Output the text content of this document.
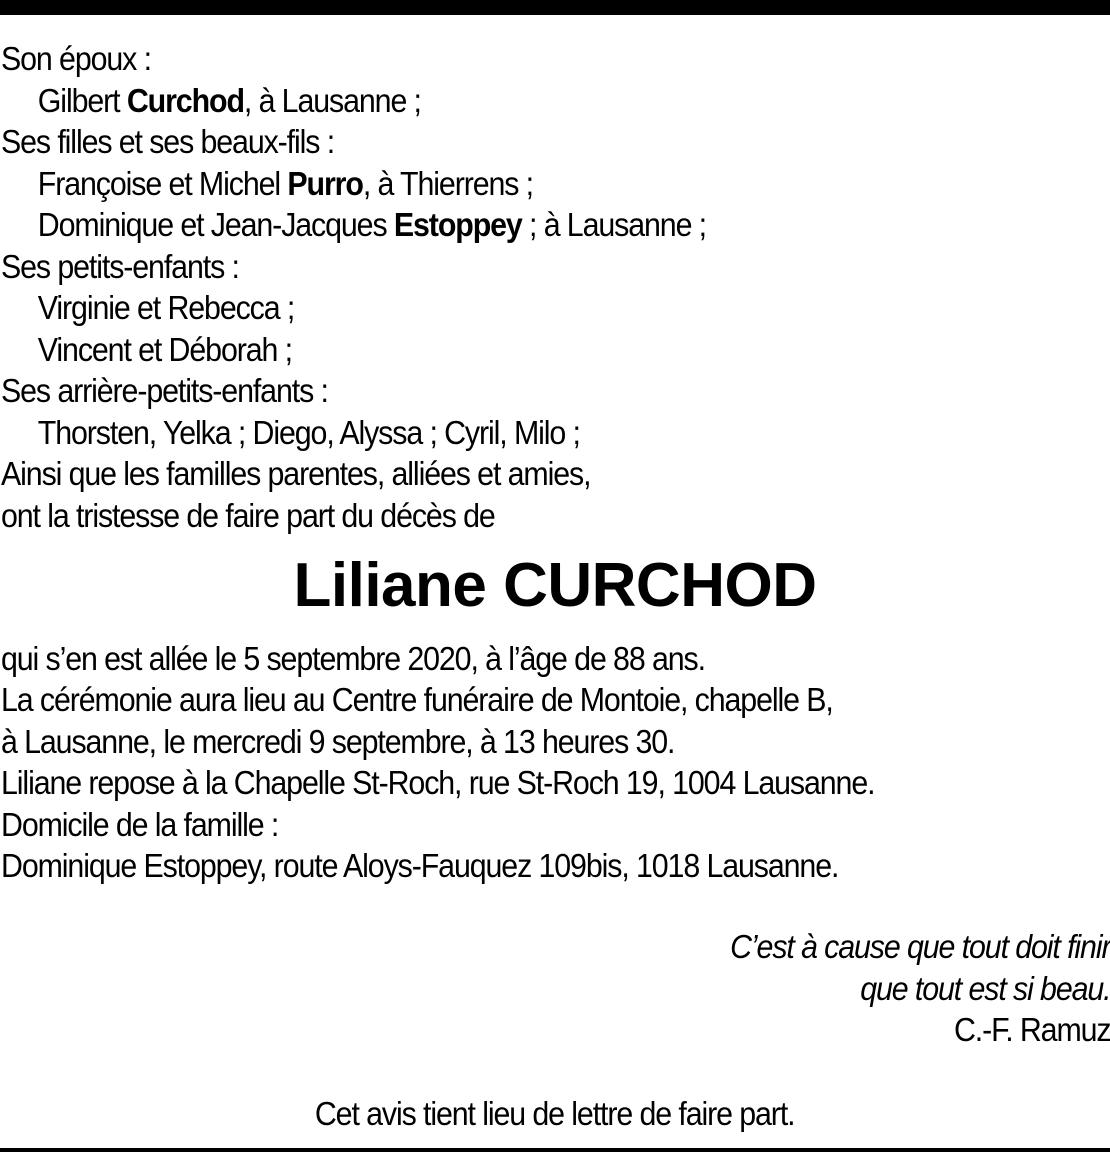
Son époux :
Gilbert Curchod, à Lausanne ;
Ses filles et ses beaux-fils :
Françoise et Michel Purro, à Thierrens ;
Dominique et Jean-Jacques Estoppey ; à Lausanne ;
Ses petits-enfants :
Virginie et Rebecca ;
Vincent et Déborah ;
Ses arrière-petits-enfants :
Thorsten, Yelka ; Diego, Alyssa ; Cyril, Milo ;
Ainsi que les familles parentes, alliées et amies,
ont la tristesse de faire part du décès de
Liliane CURCHOD
qui s’en est allée le 5 septembre 2020, à l’âge de 88 ans.
La cérémonie aura lieu au Centre funéraire de Montoie, chapelle B,
à Lausanne, le mercredi 9 septembre, à 13 heures 30.
Liliane repose à la Chapelle St-Roch, rue St-Roch 19, 1004 Lausanne.
Domicile de la famille :
Dominique Estoppey, route Aloys-Fauquez 109bis, 1018 Lausanne.
C’est à cause que tout doit finir
que tout est si beau.
C.-F. Ramuz
Cet avis tient lieu de lettre de faire part.
